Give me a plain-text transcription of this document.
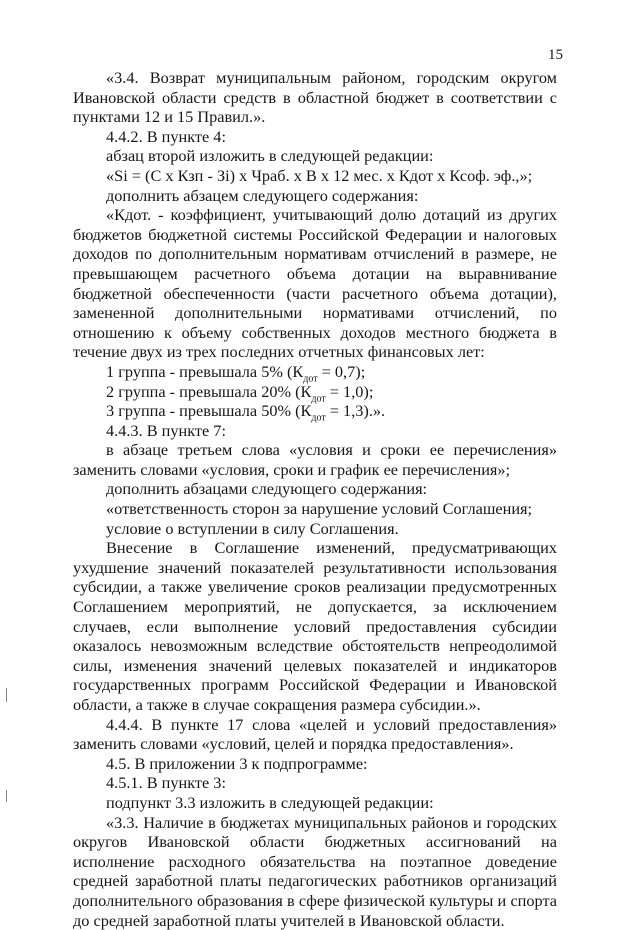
15

«3.4. Возврат муниципальным районом, городским округом Ивановской области средств в областной бюджет в соответствии с пунктами 12 и 15 Правил.».

4.4.2. В пункте 4:

абзац второй изложить в следующей редакции:

«Si = (С х Кзп - Зi) х Чраб. х В х 12 мес. х Кдот х Ксоф. эф.,»;

дополнить абзацем следующего содержания:

«Кдот. - коэффициент, учитывающий долю дотаций из других бюджетов бюджетной системы Российской Федерации и налоговых доходов по дополнительным нормативам отчислений в размере, не превышающем расчетного объема дотации на выравнивание бюджетной обеспеченности (части расчетного объема дотации), замененной дополнительными нормативами отчислений, по отношению к объему собственных доходов местного бюджета в течение двух из трех последних отчетных финансовых лет:

1 группа - превышала 5% $(К_{дот} = 0,7)$;

2 группа - превышала 20% $(К_{дот} = 1,0)$;

3 группа - превышала 50% $(К_{дот} = 1,3)$.».

4.4.3. В пункте 7:

в абзаце третьем слова «условия и сроки ее перечисления» заменить словами «условия, сроки и график ее перечисления»;

дополнить абзацами следующего содержания:

«ответственность сторон за нарушение условий Соглашения;

условие о вступлении в силу Соглашения.

Внесение в Соглашение изменений, предусматривающих ухудшение значений показателей результативности использования субсидии, а также увеличение сроков реализации предусмотренных Соглашением мероприятий, не допускается, за исключением случаев, если выполнение условий предоставления субсидии оказалось невозможным вследствие обстоятельств непреодолимой силы, изменения значений целевых показателей и индикаторов государственных программ Российской Федерации и Ивановской области, а также в случае сокращения размера субсидии.».

4.4.4. В пункте 17 слова «целей и условий предоставления» заменить словами «условий, целей и порядка предоставления».

4.5. В приложении 3 к подпрограмме:

4.5.1. В пункте 3:

подпункт 3.3 изложить в следующей редакции:

«3.3. Наличие в бюджетах муниципальных районов и городских округов Ивановской области бюджетных ассигнований на исполнение расходного обязательства на поэтапное доведение средней заработной платы педагогических работников организаций дополнительного образования в сфере физической культуры и спорта до средней заработной платы учителей в Ивановской области.
